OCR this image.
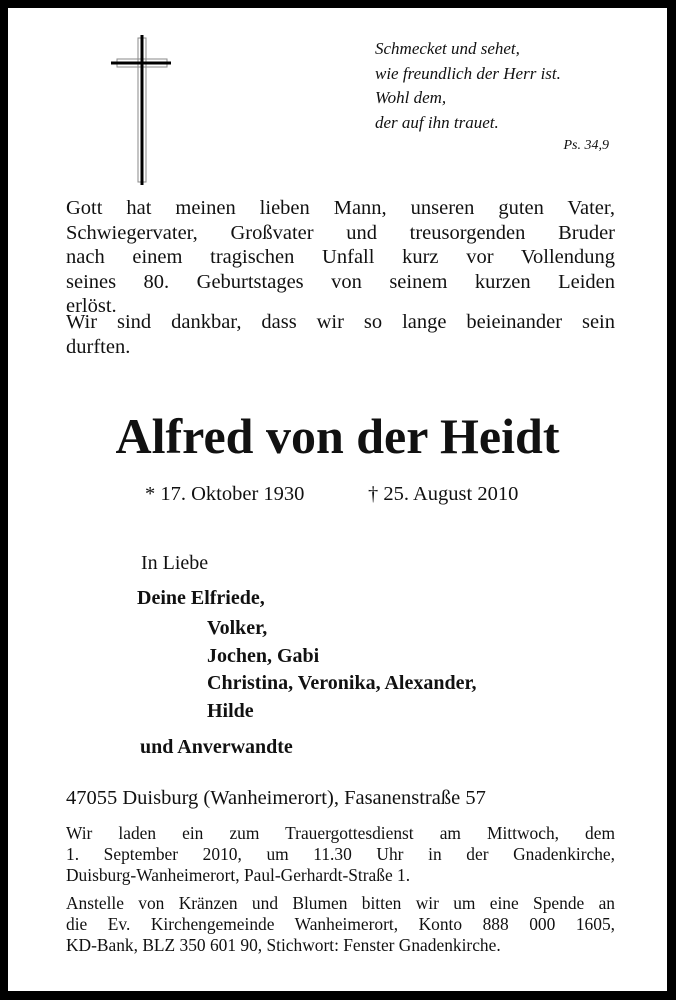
Schmecket und sehet,
wie freundlich der Herr ist.
Wohl dem,
der auf ihn trauet.
Ps. 34,9
Gott hat meinen lieben Mann, unseren guten Vater,
Schwiegervater, Großvater und treusorgenden Bruder
nach einem tragischen Unfall kurz vor Vollendung
seines 80. Geburtstages von seinem kurzen Leiden
erlöst.
Wir sind dankbar, dass wir so lange beieinander sein
durften.
Alfred von der Heidt
* 17. Oktober 1930	† 25. August 2010
In Liebe
Deine Elfriede,
Volker,
Jochen, Gabi
Christina, Veronika, Alexander,
Hilde
und Anverwandte
47055 Duisburg (Wanheimerort), Fasanenstraße 57
Wir laden ein zum Trauergottesdienst am Mittwoch, dem
1. September 2010, um 11.30 Uhr in der Gnadenkirche,
Duisburg-Wanheimerort, Paul-Gerhardt-Straße 1.
Anstelle von Kränzen und Blumen bitten wir um eine Spende an
die Ev. Kirchengemeinde Wanheimerort, Konto 888 000 1605,
KD-Bank, BLZ 350 601 90, Stichwort: Fenster Gnadenkirche.
